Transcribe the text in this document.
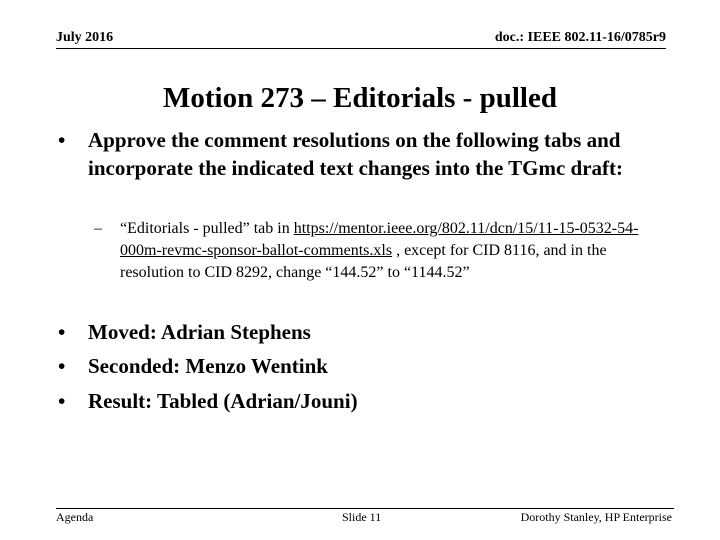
July 2016	doc.: IEEE 802.11-16/0785r9
Motion 273 – Editorials - pulled
•	Approve the comment resolutions on the following tabs and incorporate the indicated text changes into the TGmc draft:
–	“Editorials - pulled” tab in https://mentor.ieee.org/802.11/dcn/15/11-15-0532-54-000m-revmc-sponsor-ballot-comments.xls , except for CID 8116, and in the resolution to CID 8292, change “144.52” to “1144.52”
•	Moved: Adrian Stephens
•	Seconded: Menzo Wentink
•	Result: Tabled (Adrian/Jouni)
Agenda	Slide 11	Dorothy Stanley, HP Enterprise
